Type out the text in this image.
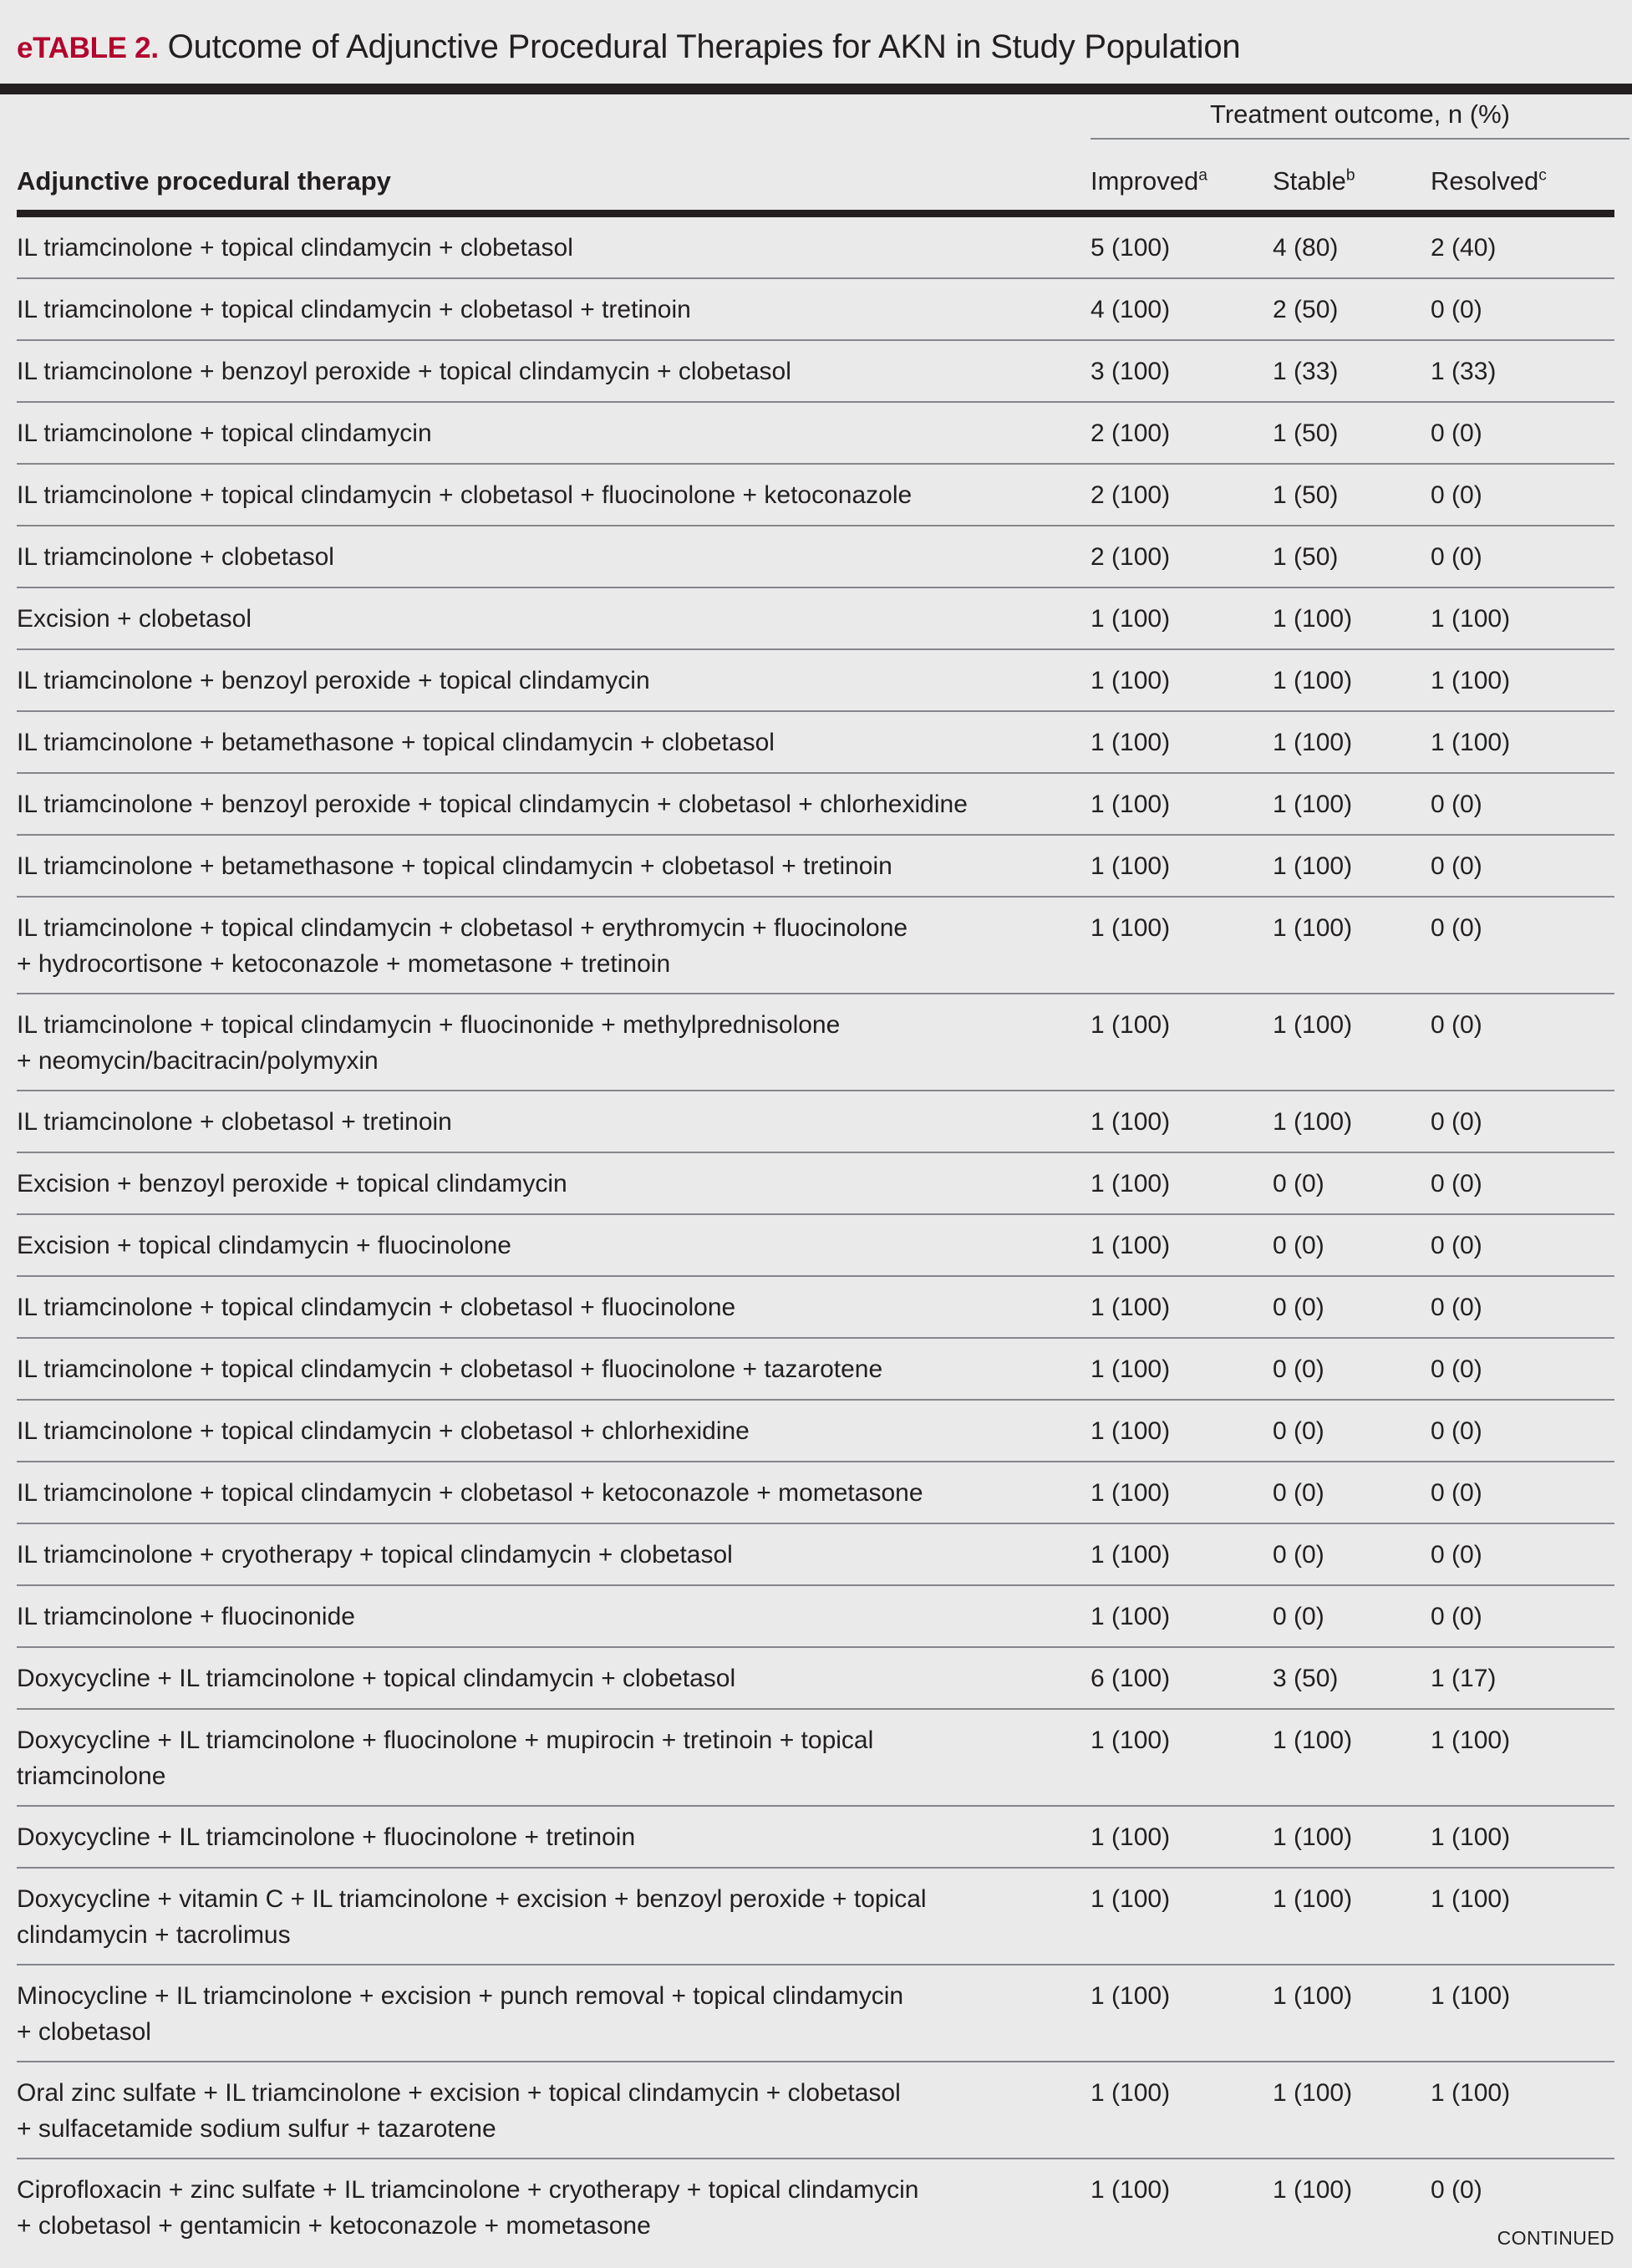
eTABLE 2. Outcome of Adjunctive Procedural Therapies for AKN in Study Population
Treatment outcome, n (%)
Adjunctive procedural therapy	Improved$^a$	Stable$^b$	Resolved$^c$
IL triamcinolone + topical clindamycin + clobetasol	5 (100)	4 (80)	2 (40)
IL triamcinolone + topical clindamycin + clobetasol + tretinoin	4 (100)	2 (50)	0 (0)
IL triamcinolone + benzoyl peroxide + topical clindamycin + clobetasol	3 (100)	1 (33)	1 (33)
IL triamcinolone + topical clindamycin	2 (100)	1 (50)	0 (0)
IL triamcinolone + topical clindamycin + clobetasol + fluocinolone + ketoconazole	2 (100)	1 (50)	0 (0)
IL triamcinolone + clobetasol	2 (100)	1 (50)	0 (0)
Excision + clobetasol	1 (100)	1 (100)	1 (100)
IL triamcinolone + benzoyl peroxide + topical clindamycin	1 (100)	1 (100)	1 (100)
IL triamcinolone + betamethasone + topical clindamycin + clobetasol	1 (100)	1 (100)	1 (100)
IL triamcinolone + benzoyl peroxide + topical clindamycin + clobetasol + chlorhexidine	1 (100)	1 (100)	0 (0)
IL triamcinolone + betamethasone + topical clindamycin + clobetasol + tretinoin	1 (100)	1 (100)	0 (0)
IL triamcinolone + topical clindamycin + clobetasol + erythromycin + fluocinolone
+ hydrocortisone + ketoconazole + mometasone + tretinoin
1 (100)	1 (100)	0 (0)
IL triamcinolone + topical clindamycin + fluocinonide + methylprednisolone
+ neomycin/bacitracin/polymyxin
1 (100)	1 (100)	0 (0)
IL triamcinolone + clobetasol + tretinoin	1 (100)	1 (100)	0 (0)
Excision + benzoyl peroxide + topical clindamycin	1 (100)	0 (0)	0 (0)
Excision + topical clindamycin + fluocinolone	1 (100)	0 (0)	0 (0)
IL triamcinolone + topical clindamycin + clobetasol + fluocinolone	1 (100)	0 (0)	0 (0)
IL triamcinolone + topical clindamycin + clobetasol + fluocinolone + tazarotene	1 (100)	0 (0)	0 (0)
IL triamcinolone + topical clindamycin + clobetasol + chlorhexidine	1 (100)	0 (0)	0 (0)
IL triamcinolone + topical clindamycin + clobetasol + ketoconazole + mometasone	1 (100)	0 (0)	0 (0)
IL triamcinolone + cryotherapy + topical clindamycin + clobetasol	1 (100)	0 (0)	0 (0)
IL triamcinolone + fluocinonide	1 (100)	0 (0)	0 (0)
Doxycycline + IL triamcinolone + topical clindamycin + clobetasol	6 (100)	3 (50)	1 (17)
Doxycycline + IL triamcinolone + fluocinolone + mupirocin + tretinoin + topical
triamcinolone
1 (100)	1 (100)	1 (100)
Doxycycline + IL triamcinolone + fluocinolone + tretinoin	1 (100)	1 (100)	1 (100)
Doxycycline + vitamin C + IL triamcinolone + excision + benzoyl peroxide + topical
clindamycin + tacrolimus
1 (100)	1 (100)	1 (100)
Minocycline + IL triamcinolone + excision + punch removal + topical clindamycin
+ clobetasol
1 (100)	1 (100)	1 (100)
Oral zinc sulfate + IL triamcinolone + excision + topical clindamycin + clobetasol
+ sulfacetamide sodium sulfur + tazarotene
1 (100)	1 (100)	1 (100)
Ciprofloxacin + zinc sulfate + IL triamcinolone + cryotherapy + topical clindamycin
+ clobetasol + gentamicin + ketoconazole + mometasone
1 (100)	1 (100)	0 (0)
CONTINUED
